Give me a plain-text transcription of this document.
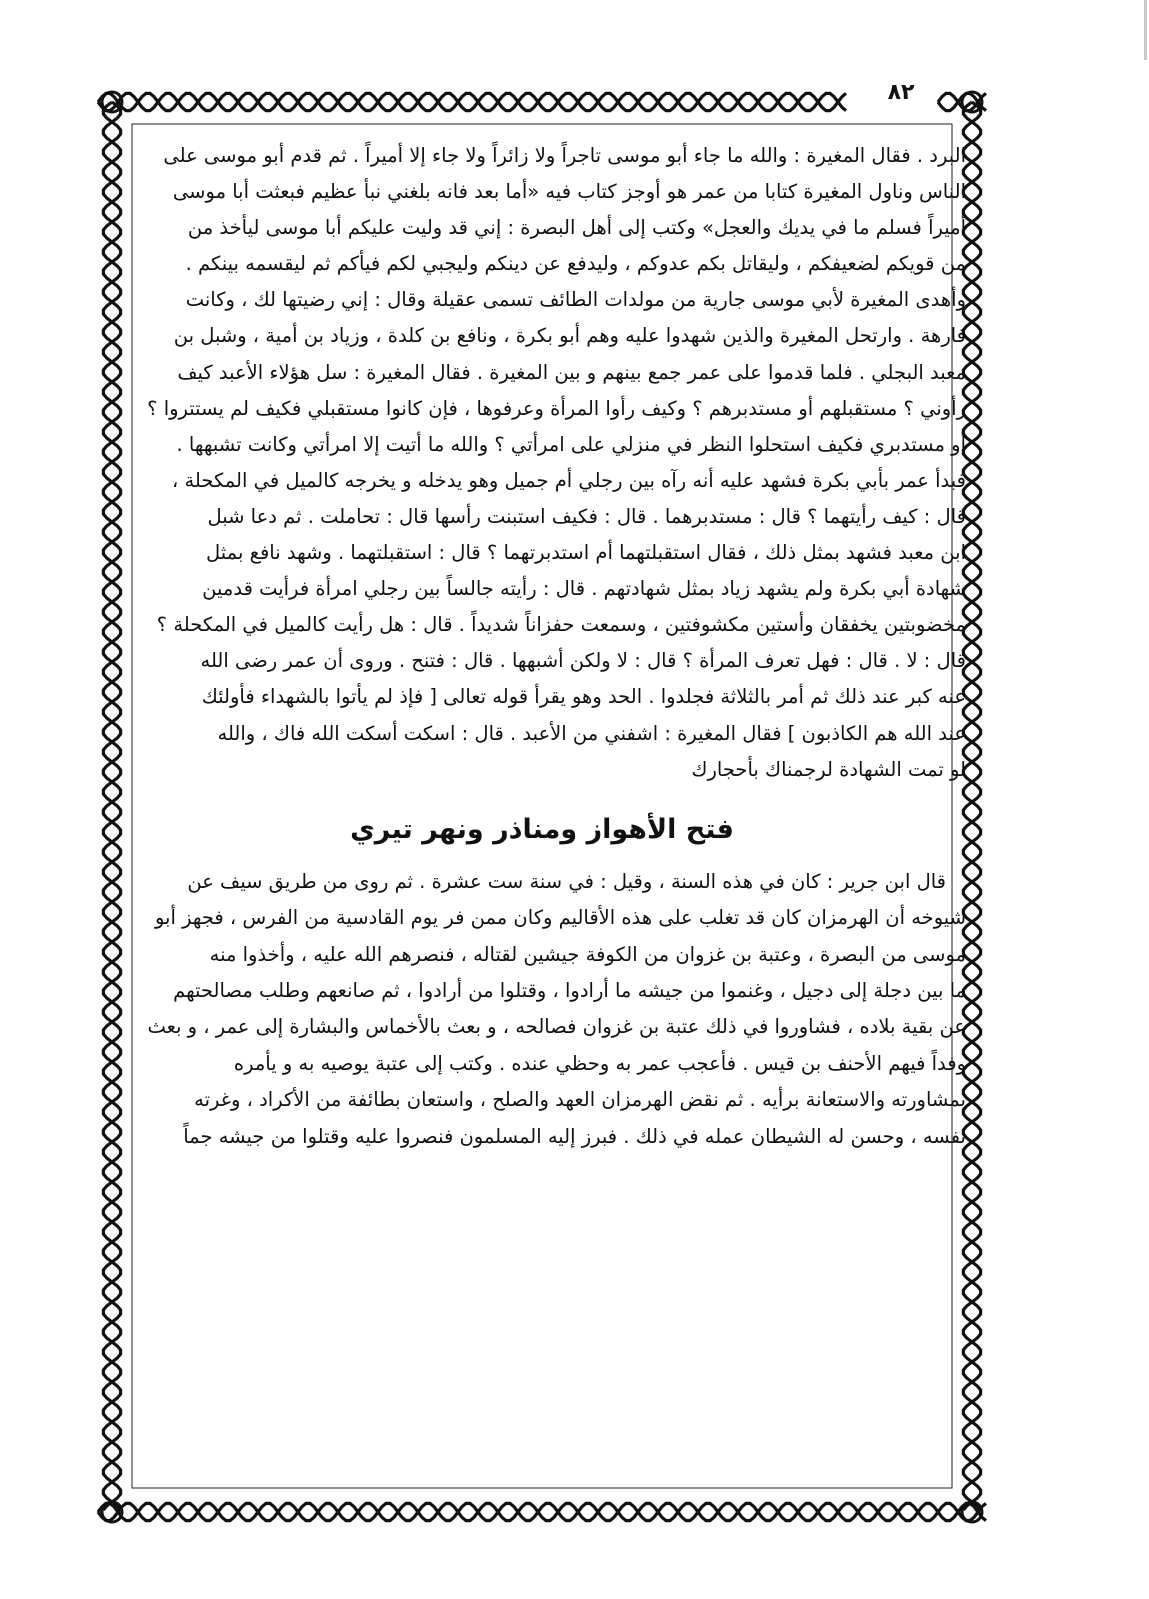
٨٢

البرد . فقال المغيرة : والله ما جاء أبو موسى تاجراً ولا زائراً ولا جاء إلا أميراً . ثم قدم أبو موسى على

الناس وناول المغيرة كتابا من عمر هو أوجز كتاب فيه «أما بعد فانه بلغني نبأ عظيم فبعثت أبا موسى

أميراً فسلم ما في يديك والعجل» وكتب إلى أهل البصرة : إني قد وليت عليكم أبا موسى ليأخذ من

من قويكم لضعيفكم ، وليقاتل بكم عدوكم ، وليدفع عن دينكم وليجبي لكم فيأكم ثم ليقسمه بينكم .

وأهدى المغيرة لأبي موسى جارية من مولدات الطائف تسمى عقيلة وقال : إني رضيتها لك ، وكانت

فارهة . وارتحل المغيرة والذين شهدوا عليه وهم أبو بكرة ، ونافع بن كلدة ، وزياد بن أمية ، وشبل بن

معبد البجلي . فلما قدموا على عمر جمع بينهم و بين المغيرة . فقال المغيرة : سل هؤلاء الأعبد كيف

رأوني ؟ مستقبلهم أو مستدبرهم ؟ وكيف رأوا المرأة وعرفوها ، فإن كانوا مستقبلي فكيف لم يستتروا ؟

أو مستدبري فكيف استحلوا النظر في منزلي على امرأتي ؟ والله ما أتيت إلا امرأتي وكانت تشبهها .

فبدأ عمر بأبي بكرة فشهد عليه أنه رآه بين رجلي أم جميل وهو يدخله و يخرجه كالميل في المكحلة ،

قال : كيف رأيتهما ؟ قال : مستدبرهما . قال : فكيف استبنت رأسها قال : تحاملت . ثم دعا شبل

ابن معبد فشهد بمثل ذلك ، فقال استقبلتهما أم استدبرتهما ؟ قال : استقبلتهما . وشهد نافع بمثل

شهادة أبي بكرة ولم يشهد زياد بمثل شهادتهم . قال : رأيته جالساً بين رجلي امرأة فرأيت قدمين

مخضوبتين يخفقان وأستين مكشوفتين ، وسمعت حفزاناً شديداً . قال : هل رأيت كالميل في المكحلة ؟

قال : لا . قال : فهل تعرف المرأة ؟ قال : لا ولكن أشبهها . قال : فتنح . وروى أن عمر رضى الله

عنه كبر عند ذلك ثم أمر بالثلاثة فجلدوا . الحد وهو يقرأ قوله تعالى [ فإذ لم يأتوا بالشهداء فأولئك

عند الله هم الكاذبون ] فقال المغيرة : اشفني من الأعبد . قال : اسكت أسكت الله فاك ، والله

لو تمت الشهادة لرجمناك بأحجارك

فتح الأهواز ومناذر ونهر تيري

قال ابن جرير : كان في هذه السنة ، وقيل : في سنة ست عشرة . ثم روى من طريق سيف عن

شيوخه أن الهرمزان كان قد تغلب على هذه الأقاليم وكان ممن فر يوم القادسية من الفرس ، فجهز أبو

موسى من البصرة ، وعتبة بن غزوان من الكوفة جيشين لقتاله ، فنصرهم الله عليه ، وأخذوا منه

ما بين دجلة إلى دجيل ، وغنموا من جيشه ما أرادوا ، وقتلوا من أرادوا ، ثم صانعهم وطلب مصالحتهم

عن بقية بلاده ، فشاوروا في ذلك عتبة بن غزوان فصالحه ، و بعث بالأخماس والبشارة إلى عمر ، و بعث

وفداً فيهم الأحنف بن قيس . فأعجب عمر به وحظي عنده . وكتب إلى عتبة يوصيه به و يأمره

بمشاورته والاستعانة برأيه . ثم نقض الهرمزان العهد والصلح ، واستعان بطائفة من الأكراد ، وغرته

نفسه ، وحسن له الشيطان عمله في ذلك . فبرز إليه المسلمون فنصروا عليه وقتلوا من جيشه جماً
